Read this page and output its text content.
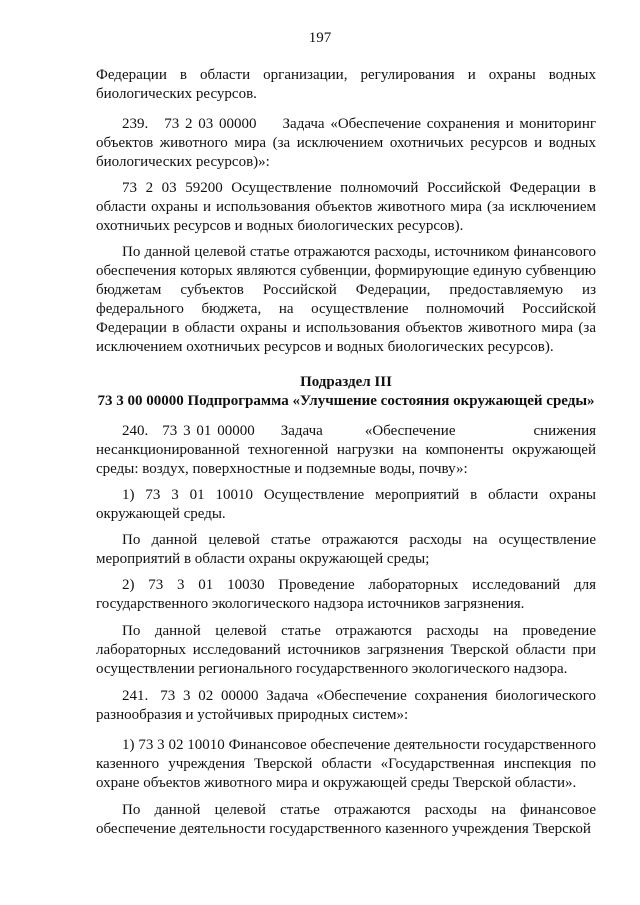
197

Федерации в области организации, регулирования и охраны водных биологических ресурсов.

239. 73 2 03 00000 Задача «Обеспечение сохранения и мониторинг объектов животного мира (за исключением охотничьих ресурсов и водных биологических ресурсов)»:

73 2 03 59200 Осуществление полномочий Российской Федерации в области охраны и использования объектов животного мира (за исключением охотничьих ресурсов и водных биологических ресурсов).

По данной целевой статье отражаются расходы, источником финансового обеспечения которых являются субвенции, формирующие единую субвенцию бюджетам субъектов Российской Федерации, предоставляемую из федерального бюджета, на осуществление полномочий Российской Федерации в области охраны и использования объектов животного мира (за исключением охотничьих ресурсов и водных биологических ресурсов).

Подраздел III

73 3 00 00000 Подпрограмма «Улучшение состояния окружающей среды»

240. 73 3 01 00000 Задача	«Обеспечение	снижения несанкционированной техногенной нагрузки на компоненты окружающей среды: воздух, поверхностные и подземные воды, почву»:

1) 73 3 01 10010 Осуществление мероприятий в области охраны окружающей среды.

По данной целевой статье отражаются расходы на осуществление мероприятий в области охраны окружающей среды;

2) 73 3 01 10030 Проведение лабораторных исследований для государственного экологического надзора источников загрязнения.

По данной целевой статье отражаются расходы на проведение лабораторных исследований источников загрязнения Тверской области при осуществлении регионального государственного экологического надзора.

241. 73 3 02 00000 Задача «Обеспечение сохранения биологического разнообразия и устойчивых природных систем»:

1) 73 3 02 10010 Финансовое обеспечение деятельности государственного казенного учреждения Тверской области «Государственная инспекция по охране объектов животного мира и окружающей среды Тверской области».

По данной целевой статье отражаются расходы на финансовое обеспечение деятельности государственного казенного учреждения Тверской
